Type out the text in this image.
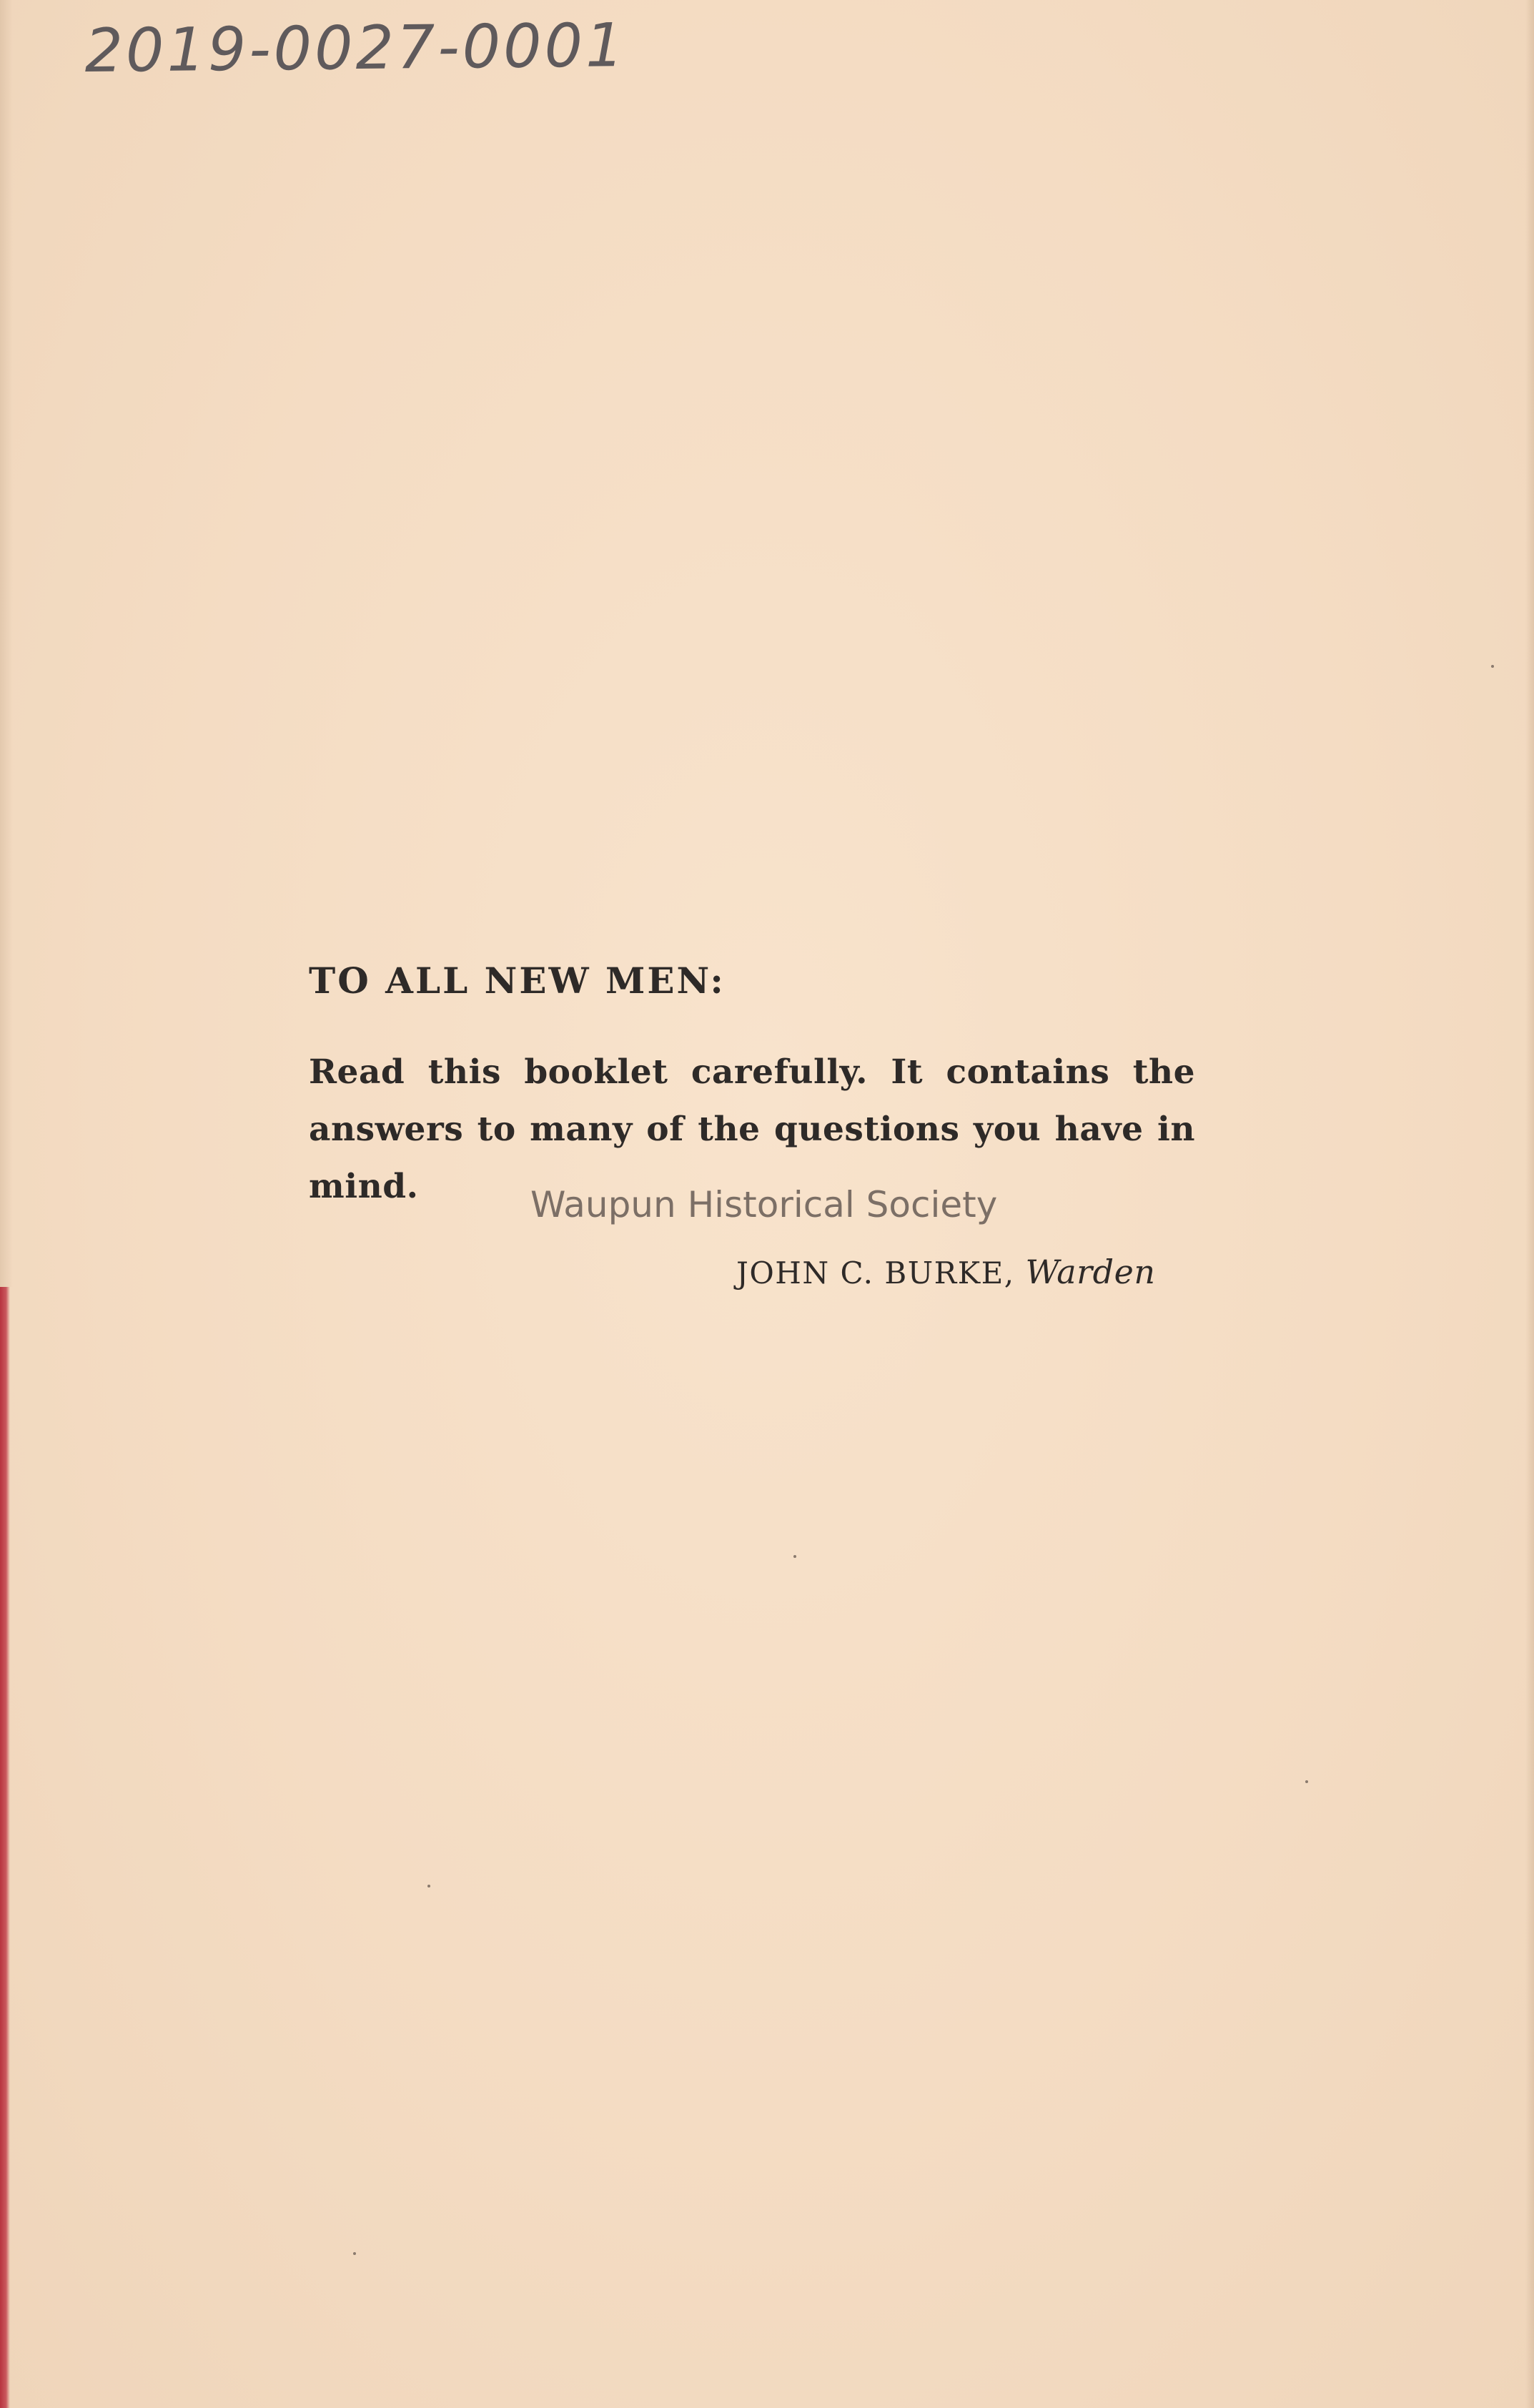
2019-0027-0001
TO ALL NEW MEN:
Read this booklet carefully. It contains the answers to many of the questions you have in mind.	Waupun Historical Society
JOHN C. BURKE, Warden
